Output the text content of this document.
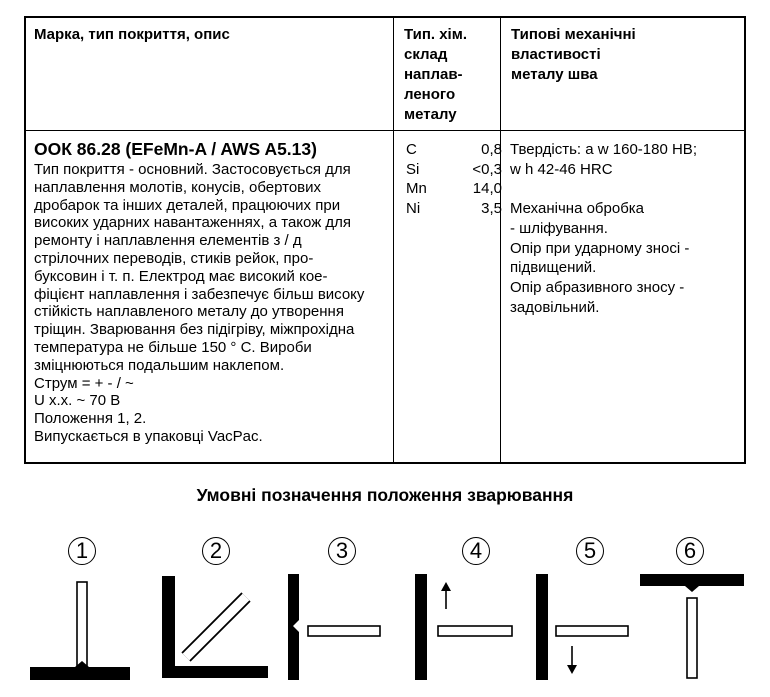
Марка, тип покриття, опис	Тип. хім.
склад
наплав-
леного
металу
Типові механічні
властивості
металу шва
ООК 86.28 (EFeMn-A / AWS A5.13)
Тип покриття - основний. Застосовується для
наплавлення молотів, конусів, обертових
дробарок та інших деталей, працюючих при
високих ударних навантаженнях, а також для
ремонту і наплавлення елементів з / д
стрілочних переводів, стиків рейок, про-
буксовин і т. п. Електрод має високий кое-
фіцієнт наплавлення і забезпечує більш високу
стійкість наплавленого металу до утворення
тріщин. Зварювання без підігріву, міжпрохідна
температура не більше 150 ° С. Вироби
зміцнюються подальшим наклепом.
Струм = + - / ~
U х.х. ~ 70 В
Положення 1, 2.
Випускається в упаковці VacPac.
C	0,8
Si	<0,3
Mn	14,0
Ni	3,5
Твердість: а w 160-180 HB;
w h 42-46 HRC
Механічна обробка
- шліфування.
Опір при ударному зносі -
підвищений.
Опір абразивного зносу -
задовільний.
Умовні позначення положення зварювання
1	2	3	4	5	6
